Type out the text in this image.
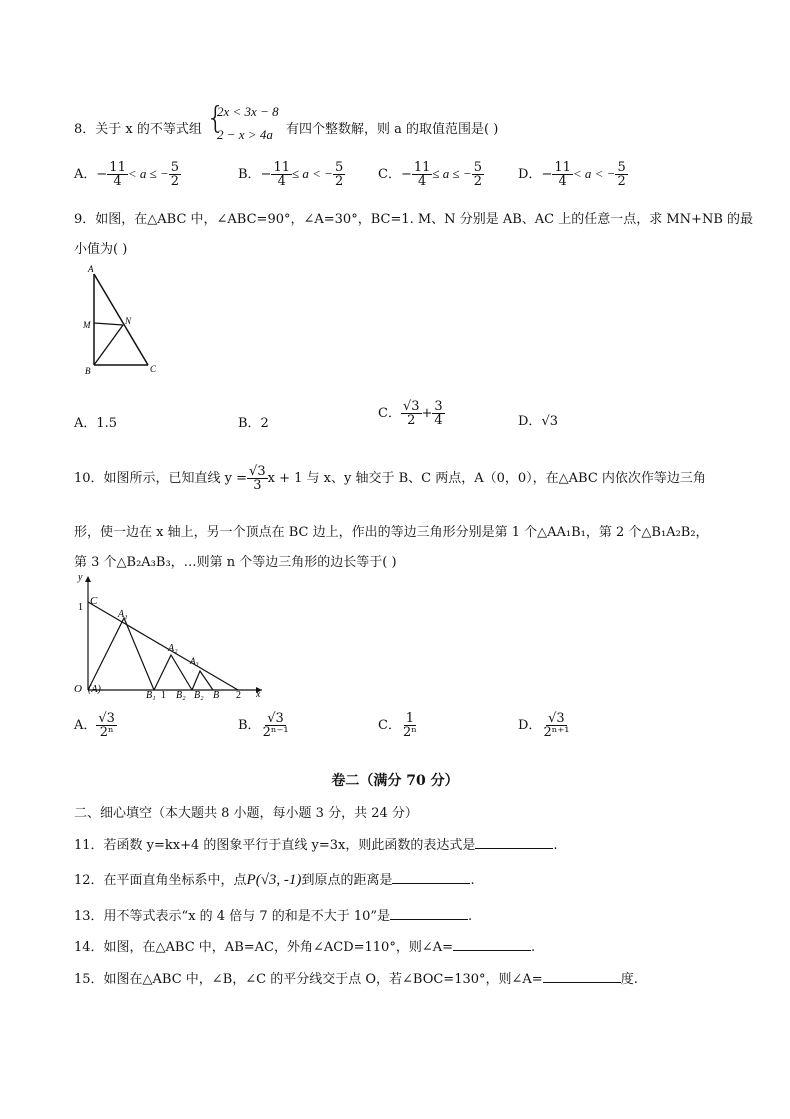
8．关于 x 的不等式组 {
2x < 3x − 8
2 − x > 4a 有四个整数解，则 a 的取值范围是( )
A．− $\frac{11}{4} < a$ ≤ − $\frac{5}{2}$	B．− $\frac{11}{4} \le a$ < − $\frac{5}{2}$	C．− $\frac{11}{4} \le a$ ≤ − $\frac{5}{2}$	D．− $\frac{11}{4} < a$ < − $\frac{5}{2}$
9．如图，在△ABC 中，∠ABC=90°，∠A=30°，BC=1. M、N 分别是 AB、AC 上的任意一点，求 MN+NB 的最
小值为( )
A
M	N
B	C
A．1.5	B．2
C． $\frac{√3}{2} + \frac{3}{4}$	D．√3
10．如图所示，已知直线 $y = \frac{√3}{3}$ x + 1 与 x、y 轴交于 B、C 两点，A（0，0），在△ABC 内依次作等边三角
形，使一边在 x 轴上，另一个顶点在 BC 边上，作出的等边三角形分别是第 1 个△AA₁B₁，第 2 个△B₁A₂B₂，
第 3 个△B₂A₃B₃，…则第 n 个等边三角形的边长等于( )
y
x
1
C
A₁
A₂
A₃
O (A)
B₁ 1 B₂ B₂ B 2
A． $\frac{√3}{\text{2ⁿ}}$	B． $\frac{√3}{\text{2ⁿ⁻¹}}$	C． $\frac{1}{\text{2ⁿ}}$	D． $\frac{√3}{\text{2ⁿ⁺¹}}$
卷二（满分 70 分）
二、细心填空（本大题共 8 小题，每小题 3 分，共 24 分）
11．若函数 y=kx+4 的图象平行于直线 y=3x，则此函数的表达式是	.
12．在平面直角坐标系中，点P(√3, -1)到原点的距离是	.
13．用不等式表示“x 的 4 倍与 7 的和是不大于 10”是	.
14．如图，在△ABC 中，AB=AC，外角∠ACD=110°，则∠A=	.
15．如图在△ABC 中，∠B，∠C 的平分线交于点 O，若∠BOC=130°，则∠A=	度.
